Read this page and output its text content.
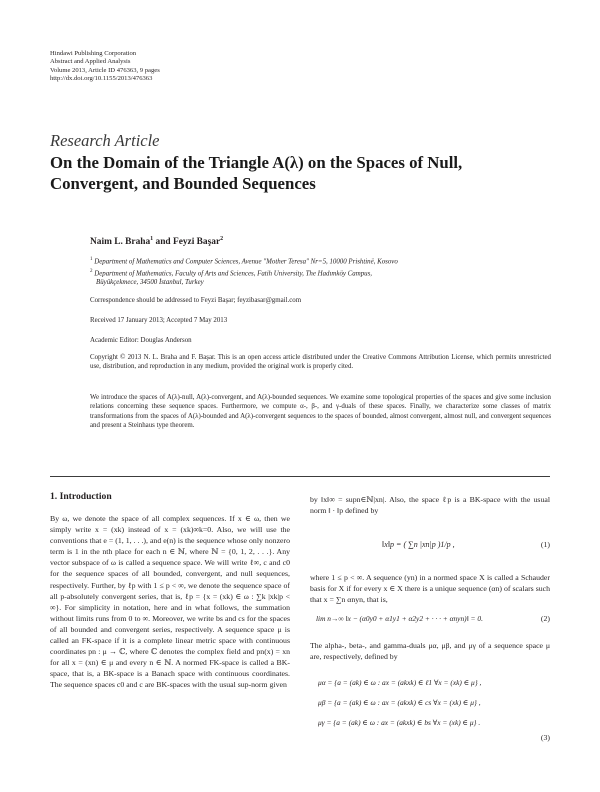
Hindawi Publishing Corporation
Abstract and Applied Analysis
Volume 2013, Article ID 476363, 9 pages
http://dx.doi.org/10.1155/2013/476363
Research Article
On the Domain of the Triangle A(λ) on the Spaces of Null, Convergent, and Bounded Sequences
Naim L. Braha$^1$ and Feyzi Başar$^2$
$^1$ Department of Mathematics and Computer Sciences, Avenue "Mother Teresa" Nr=5, 10000 Prishtinë, Kosovo
$^2$ Department of Mathematics, Faculty of Arts and Sciences, Fatih University, The Hadımköy Campus,
Büyükçekmece, 34500 İstanbul, Turkey
Correspondence should be addressed to Feyzi Başar; feyzibasar@gmail.com
Received 17 January 2013; Accepted 7 May 2013
Academic Editor: Douglas Anderson
Copyright © 2013 N. L. Braha and F. Başar. This is an open access article distributed under the Creative Commons Attribution License, which permits unrestricted use, distribution, and reproduction in any medium, provided the original work is properly cited.
We introduce the spaces of A(λ)-null, A(λ)-convergent, and A(λ)-bounded sequences. We examine some topological properties of the spaces and give some inclusion relations concerning these sequence spaces. Furthermore, we compute α-, β-, and γ-duals of these spaces. Finally, we characterize some classes of matrix transformations from the spaces of A(λ)-bounded and A(λ)-convergent sequences to the spaces of bounded, almost convergent, almost null, and convergent sequences and present a Steinhaus type theorem.
1. Introduction
By ω, we denote the space of all complex sequences. If x ∈ ω, then we simply write x = (xk) instead of x = (xk)∞k=0. Also, we will use the conventions that e = (1, 1, . . .), and e(n) is the sequence whose only nonzero term is 1 in the nth place for each n ∈ ℕ, where ℕ = {0, 1, 2, . . .}. Any vector subspace of ω is called a sequence space. We will write ℓ∞, c and c0 for the sequence spaces of all bounded, convergent, and null sequences, respectively. Further, by ℓp with 1 ≤ p < ∞, we denote the sequence space of all p-absolutely convergent series, that is, ℓp = {x = (xk) ∈ ω : ∑k |xk|p < ∞}. For simplicity in notation, here and in what follows, the summation without limits runs from 0 to ∞. Moreover, we write bs and cs for the spaces of all bounded and convergent series, respectively. A sequence space μ is called an FK-space if it is a complete linear metric space with continuous coordinates pn : μ → ℂ, where ℂ denotes the complex field and pn(x) = xn for all x = (xn) ∈ μ and every n ∈ ℕ. A normed FK-space is called a BK-space, that is, a BK-space is a Banach space with continuous coordinates. The sequence spaces c0 and c are BK-spaces with the usual sup-norm given
by ‖x‖∞ = supn∈ℕ|xn|. Also, the space ℓp is a BK-space with the usual norm ‖ · ‖p defined by
‖x‖p = ( ∑n |xn|p )1/p ,	(1)
where 1 ≤ p < ∞. A sequence (yn) in a normed space X is called a Schauder basis for X if for every x ∈ X there is a unique sequence (αn) of scalars such that x = ∑n αnyn, that is,
lim n→∞ ‖x − (α0y0 + α1y1 + α2y2 + · · · + αnyn)‖ = 0.	(2)
The alpha-, beta-, and gamma-duals μα, μβ, and μγ of a sequence space μ are, respectively, defined by
μα = {a = (ak) ∈ ω : ax = (akxk) ∈ ℓ1 ∀x = (xk) ∈ μ} ,
μβ = {a = (ak) ∈ ω : ax = (akxk) ∈ cs ∀x = (xk) ∈ μ} ,
μγ = {a = (ak) ∈ ω : ax = (akxk) ∈ bs ∀x = (xk) ∈ μ} .
(3)
